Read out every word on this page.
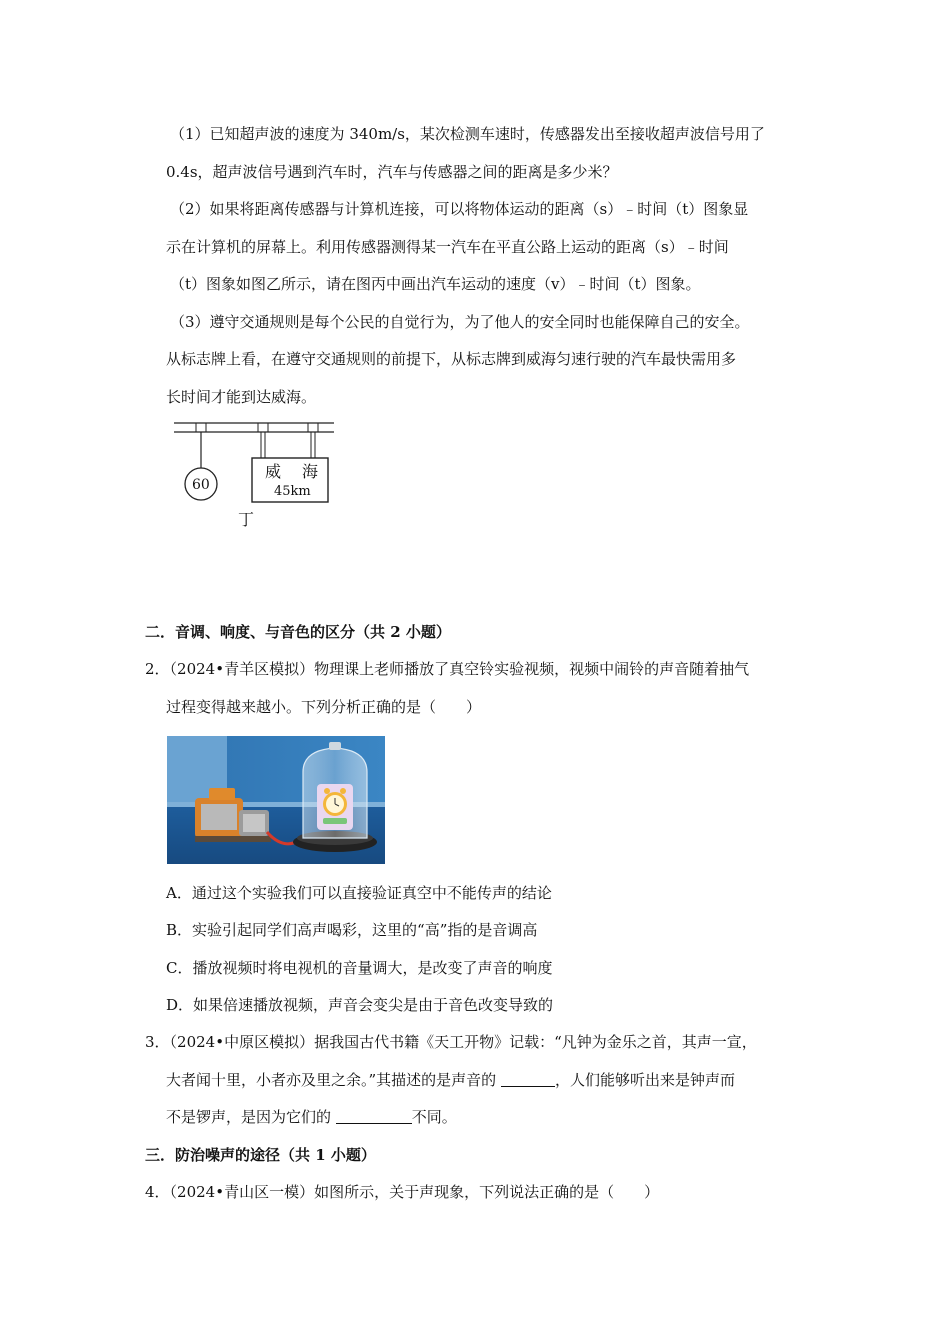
（1）已知超声波的速度为 340m/s，某次检测车速时，传感器发出至接收超声波信号用了
0.4s，超声波信号遇到汽车时，汽车与传感器之间的距离是多少米？
（2）如果将距离传感器与计算机连接，可以将物体运动的距离（s）﹣时间（t）图象显
示在计算机的屏幕上。利用传感器测得某一汽车在平直公路上运动的距离（s）﹣时间
（t）图象如图乙所示，请在图丙中画出汽车运动的速度（v）﹣时间（t）图象。
（3）遵守交通规则是每个公民的自觉行为，为了他人的安全同时也能保障自己的安全。
从标志牌上看，在遵守交通规则的前提下，从标志牌到威海匀速行驶的汽车最快需用多
长时间才能到达威海。
60
威 海
45km
丁
二．音调、响度、与音色的区分（共 2 小题）
2．（2024•青羊区模拟）物理课上老师播放了真空铃实验视频，视频中闹铃的声音随着抽气
过程变得越来越小。下列分析正确的是（　　）
A．通过这个实验我们可以直接验证真空中不能传声的结论
B．实验引起同学们高声喝彩，这里的“高”指的是音调高
C．播放视频时将电视机的音量调大，是改变了声音的响度
D．如果倍速播放视频，声音会变尖是由于音色改变导致的
3．（2024•中原区模拟）据我国古代书籍《天工开物》记载：“凡钟为金乐之首，其声一宣，
大者闻十里，小者亦及里之余。”其描述的是声音的	，人们能够听出来是钟声而
不是锣声，是因为它们的	不同。
三．防治噪声的途径（共 1 小题）
4．（2024•青山区一模）如图所示，关于声现象，下列说法正确的是（　　）
